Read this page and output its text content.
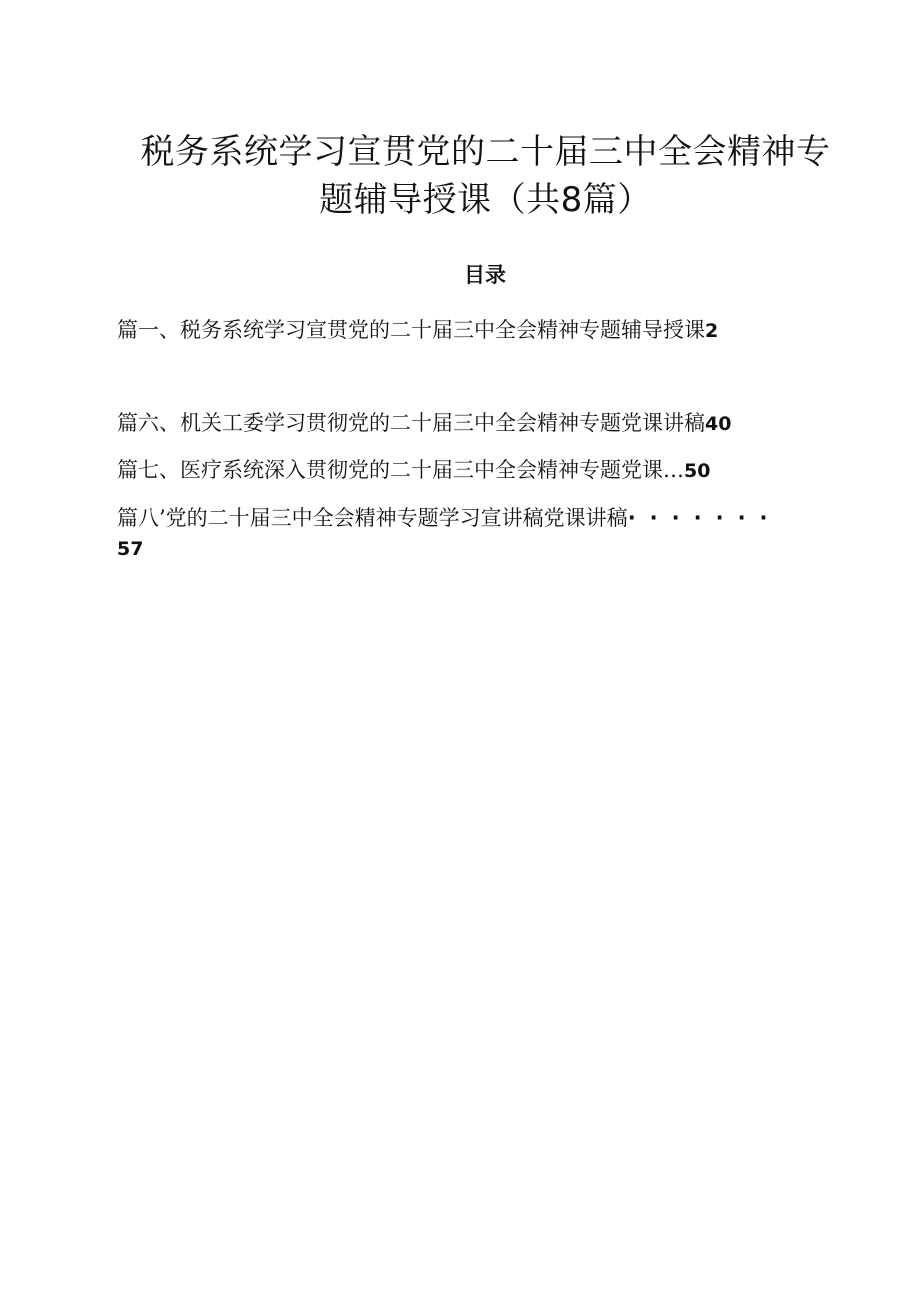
税务系统学习宣贯党的二十届三中全会精神专
题辅导授课（共8篇）
目录
篇一、税务系统学习宣贯党的二十届三中全会精神专题辅导授课2
篇六、机关工委学习贯彻党的二十届三中全会精神专题党课讲稿40
篇七、医疗系统深入贯彻党的二十届三中全会精神专题党课…50
篇八’党的二十届三中全会精神专题学习宣讲稿党课讲稿·······
57
